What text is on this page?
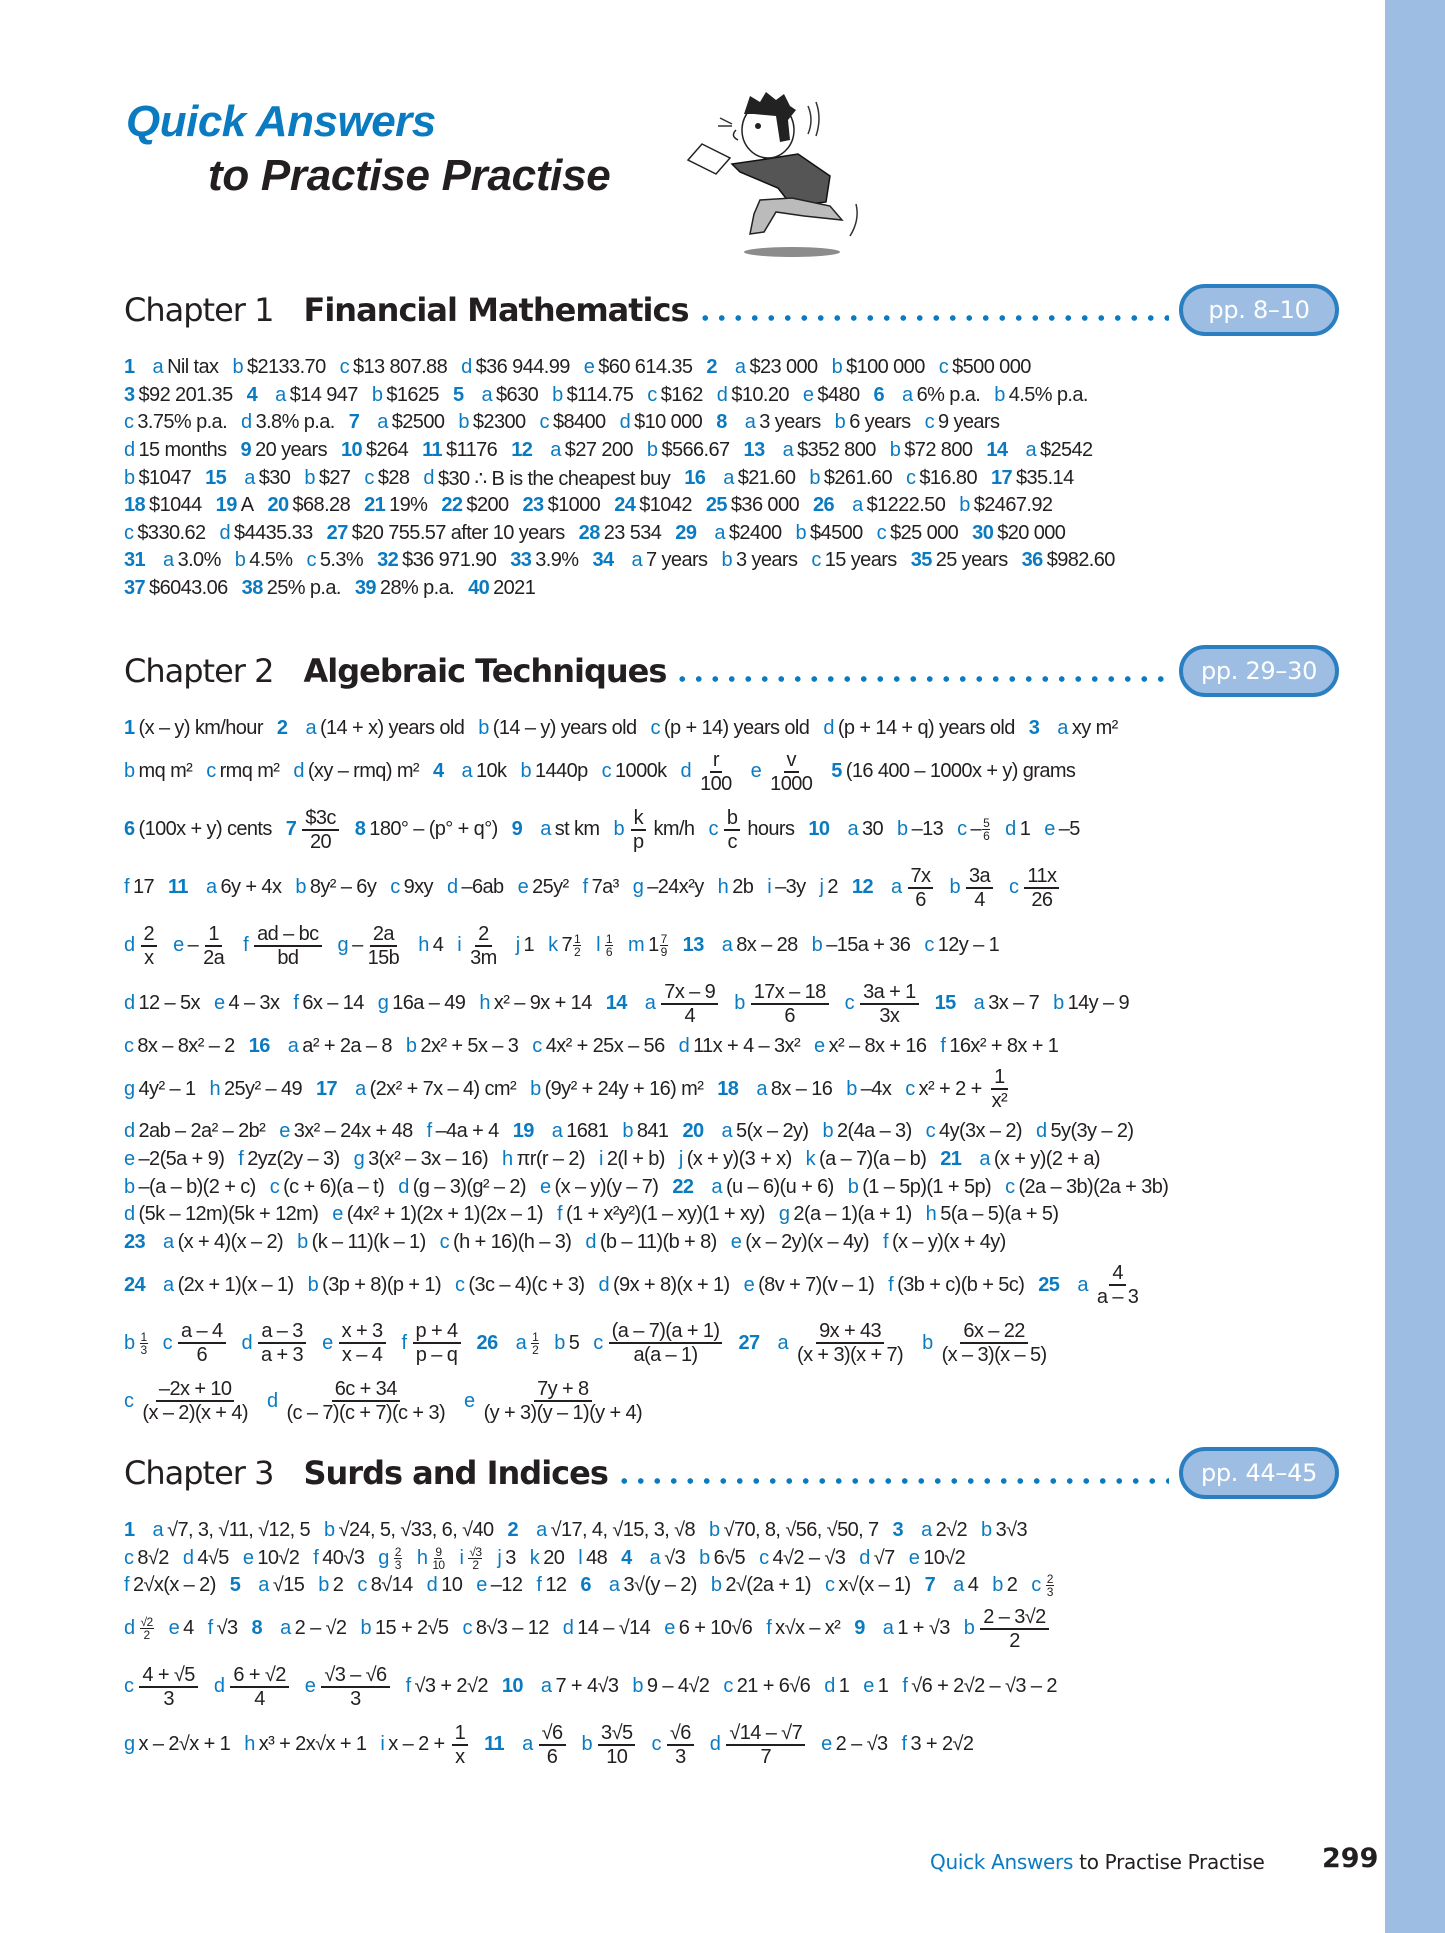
Quick Answers
to Practise Practise
Chapter 1 Financial Mathematics	pp. 8–10
1 a Nil tax b $2133.70 c $13 807.88 d $36 944.99 e $60 614.35 2 a $23 000 b $100 000 c $500 000
3 $92 201.35 4 a $14 947 b $1625 5 a $630 b $114.75 c $162 d $10.20 e $480 6 a 6% p.a. b 4.5% p.a.
c 3.75% p.a. d 3.8% p.a. 7 a $2500 b $2300 c $8400 d $10 000 8 a 3 years b 6 years c 9 years
d 15 months 9 20 years 10 $264 11 $1176 12 a $27 200 b $566.67 13 a $352 800 b $72 800 14 a $2542
b $1047 15 a $30 b $27 c $28 d $30 ∴ B is the cheapest buy 16 a $21.60 b $261.60 c $16.80 17 $35.14
18 $1044 19 A 20 $68.28 21 19% 22 $200 23 $1000 24 $1042 25 $36 000 26 a $1222.50 b $2467.92
c $330.62 d $4435.33 27 $20 755.57 after 10 years 28 23 534 29 a $2400 b $4500 c $25 000 30 $20 000
31 a 3.0% b 4.5% c 5.3% 32 $36 971.90 33 3.9% 34 a 7 years b 3 years c 15 years 35 25 years 36 $982.60
37 $6043.06 38 25% p.a. 39 28% p.a. 40 2021
Chapter 2 Algebraic Techniques	pp. 29–30
1 (x – y) km/hour 2 a (14 + x) years old b (14 – y) years old c (p + 14) years old d (p + 14 + q) years old 3 a xy m²
b mq m² c rmq m² d (xy – rmq) m² 4 a 10k b 1440p c 1000k d $\frac{r}{100}$ e $\frac{v}{1000} 5$ (16 400 – 1000x + y) grams
6 (100x + y) cents $7 \frac{\$3c}{20} 8$ 180° – (p° + q°) 9 a st km b $\frac{k}{p} km/h$ c $\frac{b}{c}$ hours 10 a 30 b –13 c – $\frac{5}{6}$ d 1 e –5
f 17 11 a 6y + 4x b 8y² – 6y c 9xy d –6ab e 25y² f 7a³ g –24x²y h 2b i –3y j 2 12 a $\frac{7x}{6}$ b $\frac{3a}{4}$ c $\frac{11x}{26}$
d $\frac{2}{x}$ e – $\frac{1}{2a}$ f $\frac{ad - bc}{bd}$ g – $\frac{2a}{15b}$ h 4 i $\frac{2}{3m}$ j 1 k $7 \frac{1}{2}$ l $\frac{1}{6}$ m $1 \frac{7}{9} 13$ a 8x – 28 b –15a + 36 c 12y – 1
d 12 – 5x e 4 – 3x f 6x – 14 g 16a – 49 h x² – 9x + 14 14 a $\frac{7x - 9}{4}$ b $\frac{17x - 18}{6}$ c $\frac{3a + 1}{3x} 15$ a 3x – 7 b 14y – 9
c 8x – 8x² – 2 16 a a² + 2a – 8 b 2x² + 5x – 3 c 4x² + 25x – 56 d 11x + 4 – 3x² e x² – 8x + 16 f 16x² + 8x + 1
g 4y² – 1 h 25y² – 49 17 a (2x² + 7x – 4) cm² b (9y² + 24y + 16) m² 18 a 8x – 16 b –4x c $x^2 + 2 + \frac{1}{\text{x²}}$
d 2ab – 2a² – 2b² e 3x² – 24x + 48 f –4a + 4 19 a 1681 b 841 20 a 5(x – 2y) b 2(4a – 3) c 4y(3x – 2) d 5y(3y – 2)
e –2(5a + 9) f 2yz(2y – 3) g 3(x² – 3x – 16) h πr(r – 2) i 2(l + b) j (x + y)(3 + x) k (a – 7)(a – b) 21 a (x + y)(2 + a)
b –(a – b)(2 + c) c (c + 6)(a – t) d (g – 3)(g² – 2) e (x – y)(y – 7) 22 a (u – 6)(u + 6) b (1 – 5p)(1 + 5p) c (2a – 3b)(2a + 3b)
d (5k – 12m)(5k + 12m) e (4x² + 1)(2x + 1)(2x – 1) f (1 + x²y²)(1 – xy)(1 + xy) g 2(a – 1)(a + 1) h 5(a – 5)(a + 5)
23 a (x + 4)(x – 2) b (k – 11)(k – 1) c (h + 16)(h – 3) d (b – 11)(b + 8) e (x – 2y)(x – 4y) f (x – y)(x + 4y)
24 a (2x + 1)(x – 1) b (3p + 8)(p + 1) c (3c – 4)(c + 3) d (9x + 8)(x + 1) e (8v + 7)(v – 1) f (3b + c)(b + 5c) 25 a $\frac{4}{a - 3}$
b $\frac{1}{3}$ c $\frac{a - 4}{6}$ d $\frac{a - 3}{a + 3}$ e $\frac{x + 3}{x - 4}$ f $\frac{p + 4}{p - q} 26$ a $\frac{1}{2}$ b 5 c $\frac{(a - 7)(a + 1)}{a(a - 1)} 27$ a $\frac{9x + 43}{(x + 3)(x + 7)}$ b $\frac{6x - 22}{(x - 3)(x - 5)}$
c $\frac{-2x + 10}{(x - 2)(x + 4)}$ d $\frac{6c + 34}{(c - 7)(c + 7)(c + 3)}$ e $\frac{7y + 8}{(y + 3)(y - 1)(y + 4)}$
Chapter 3 Surds and Indices	pp. 44–45
1 a √7, 3, √11, √12, 5 b √24, 5, √33, 6, √40 2 a √17, 4, √15, 3, √8 b √70, 8, √56, √50, 7 3 a 2√2 b 3√3
c 8√2 d 4√5 e 10√2 f 40√3 g $\frac{2}{3}$ h $\frac{9}{10}$ i $\frac{√3}{2}$ j 3 k 20 l 48 4 a √3 b 6√5 c 4√2 – √3 d √7 e 10√2
f 2√x(x – 2) 5 a √15 b 2 c 8√14 d 10 e –12 f 12 6 a 3√(y – 2) b 2√(2a + 1) c x√(x – 1) 7 a 4 b 2 c $\frac{2}{3}$
d $\frac{√2}{2}$ e 4 f √3 8 a 2 – √2 b 15 + 2√5 c 8√3 – 12 d 14 – √14 e 6 + 10√6 f x√x – x² 9 a 1 + √3 b $\frac{2 - 3√2}{2}$
c $\frac{4 + √5}{3}$ d $\frac{6 + √2}{4}$ e $\frac{√3 - √6}{3}$ f √3 + 2√2 10 a 7 + 4√3 b 9 – 4√2 c 21 + 6√6 d 1 e 1 f √6 + 2√2 – √3 – 2
g x – 2√x + 1 h x³ + 2x√x + 1 i $x - 2 + \frac{1}{x} 11$ a $\frac{√6}{6}$ b $\frac{3√5}{10}$ c $\frac{√6}{3}$ d $\frac{√14 - √7}{7}$ e 2 – √3 f 3 + 2√2
Quick Answers to Practise Practise 299
